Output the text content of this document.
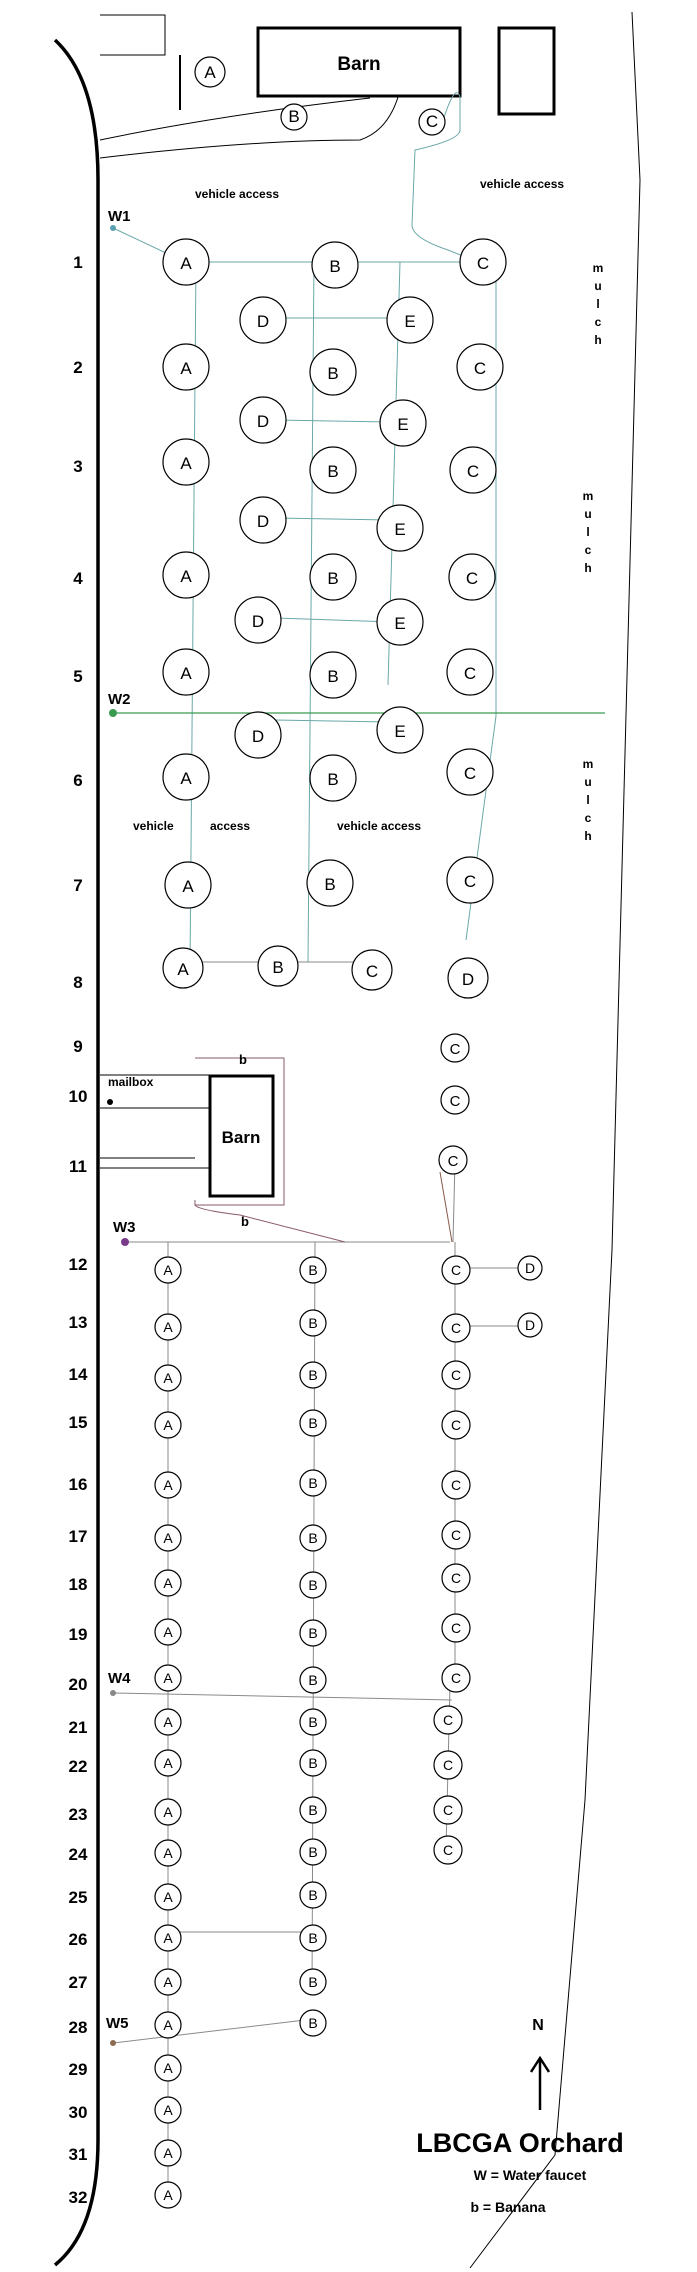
Barn
b
b
Barn
mailbox
vehicle access
vehicle access
vehicle	access	vehicle access
m
u
l
c
h
m
u
l
c
h
m
u
l
c
h
W1
W2
W3
W4
W5
1
2
3
4
5
6
7
8
9
10
11
12
13
14
15
16
17
18
19
20
21
22
23
24
25
26
27
28
29
30
31
32
A
B	C
A	B	C
D	E
A	B	C
D	E
A	B	C
D	E
A	B	C
D	E
A	B	C
D	E
A	B	C
A	B	C
A	B	C	D
C
C
C
A
A
A
A
A
A
A
A
A
A
A
A
A
A
A
A
A
A
A
A
A
B
B
B
B
B
B
B
B
B
B
B
B
B
B
B
B
B
C
C
C
C
C
C
C
C
C
C
C
C
C
D
D
N
LBCGA Orchard
W = Water faucet
b = Banana
